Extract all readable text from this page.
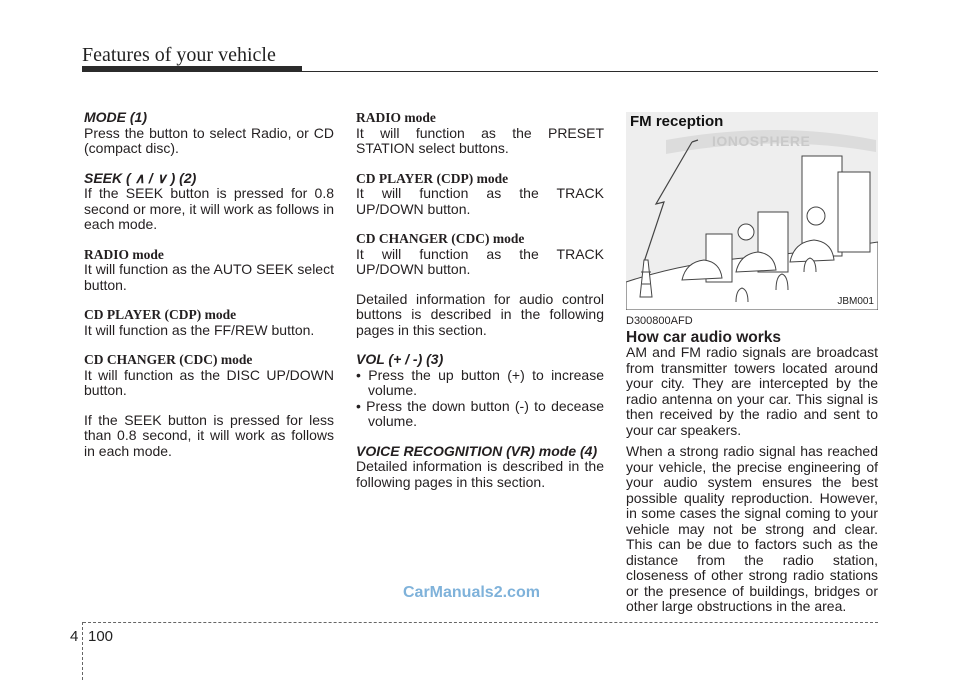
Features of your vehicle

MODE (1)

Press the button to select Radio, or CD (compact disc).

SEEK ( ∧ / ∨ ) (2)

If the SEEK button is pressed for 0.8 second or more, it will work as follows in each mode.

RADIO mode

It will function as the AUTO SEEK select button.

CD PLAYER (CDP) mode

It will function as the FF/REW button.

CD CHANGER (CDC) mode

It will function as the DISC UP/DOWN button.

If the SEEK button is pressed for less than 0.8 second, it will work as follows in each mode.

RADIO mode

It will function as the PRESET STATION select buttons.

CD PLAYER (CDP) mode

It will function as the TRACK UP/DOWN button.

CD CHANGER (CDC) mode

It will function as the TRACK UP/DOWN button.

Detailed information for audio control buttons is described in the following pages in this section.

VOL (+ / -) (3)

• Press the up button (+) to increase volume.
• Press the down button (-) to decease volume.

VOICE RECOGNITION (VR) mode (4)

Detailed information is described in the following pages in this section.

FM reception
IONOSPHERE
JBM001

D300800AFD

How car audio works

AM and FM radio signals are broadcast from transmitter towers located around your city. They are intercepted by the radio antenna on your car. This signal is then received by the radio and sent to your car speakers.

When a strong radio signal has reached your vehicle, the precise engineering of your audio system ensures the best possible quality reproduction. However, in some cases the signal coming to your vehicle may not be strong and clear. This can be due to factors such as the distance from the radio station, closeness of other strong radio stations or the presence of buildings, bridges or other large obstructions in the area.

CarManuals2.com
4 100
